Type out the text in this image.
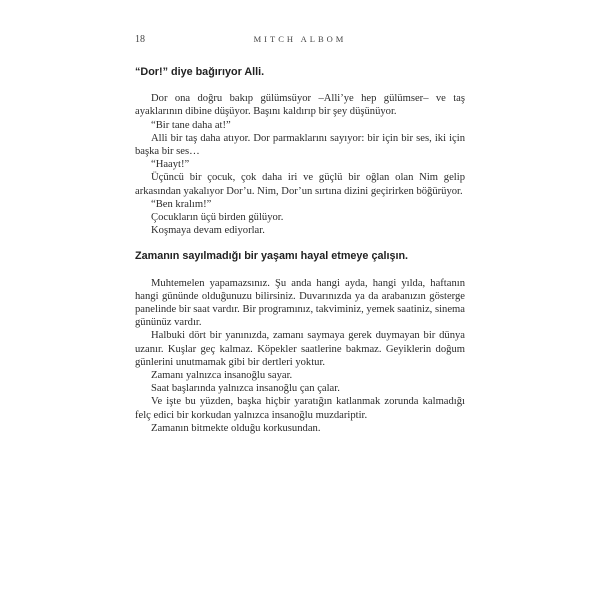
18	MITCH ALBOM

“Dor!” diye bağırıyor Alli.

Dor ona doğru bakıp gülümsüyor –Alli’ye hep gülümser– ve taş ayaklarının dibine düşüyor. Başını kaldırıp bir şey düşünüyor.

“Bir tane daha at!”

Alli bir taş daha atıyor. Dor parmaklarını sayıyor: bir için bir ses, iki için başka bir ses…

“Haayt!”

Üçüncü bir çocuk, çok daha iri ve güçlü bir oğlan olan Nim gelip arkasından yakalıyor Dor’u. Nim, Dor’un sırtına dizini geçirirken böğürüyor.

“Ben kralım!”

Çocukların üçü birden gülüyor.

Koşmaya devam ediyorlar.

Zamanın sayılmadığı bir yaşamı hayal etmeye çalışın.

Muhtemelen yapamazsınız. Şu anda hangi ayda, hangi yılda, haftanın hangi gününde olduğunuzu bilirsiniz. Duvarınızda ya da arabanızın gösterge panelinde bir saat vardır. Bir programınız, takviminiz, yemek saatiniz, sinema gününüz vardır.

Halbuki dört bir yanınızda, zamanı saymaya gerek duymayan bir dünya uzanır. Kuşlar geç kalmaz. Köpekler saatlerine bakmaz. Geyiklerin doğum günlerini unutmamak gibi bir dertleri yoktur.

Zamanı yalnızca insanoğlu sayar.

Saat başlarında yalnızca insanoğlu çan çalar.

Ve işte bu yüzden, başka hiçbir yaratığın katlanmak zorunda kalmadığı felç edici bir korkudan yalnızca insanoğlu muzdariptir.

Zamanın bitmekte olduğu korkusundan.
